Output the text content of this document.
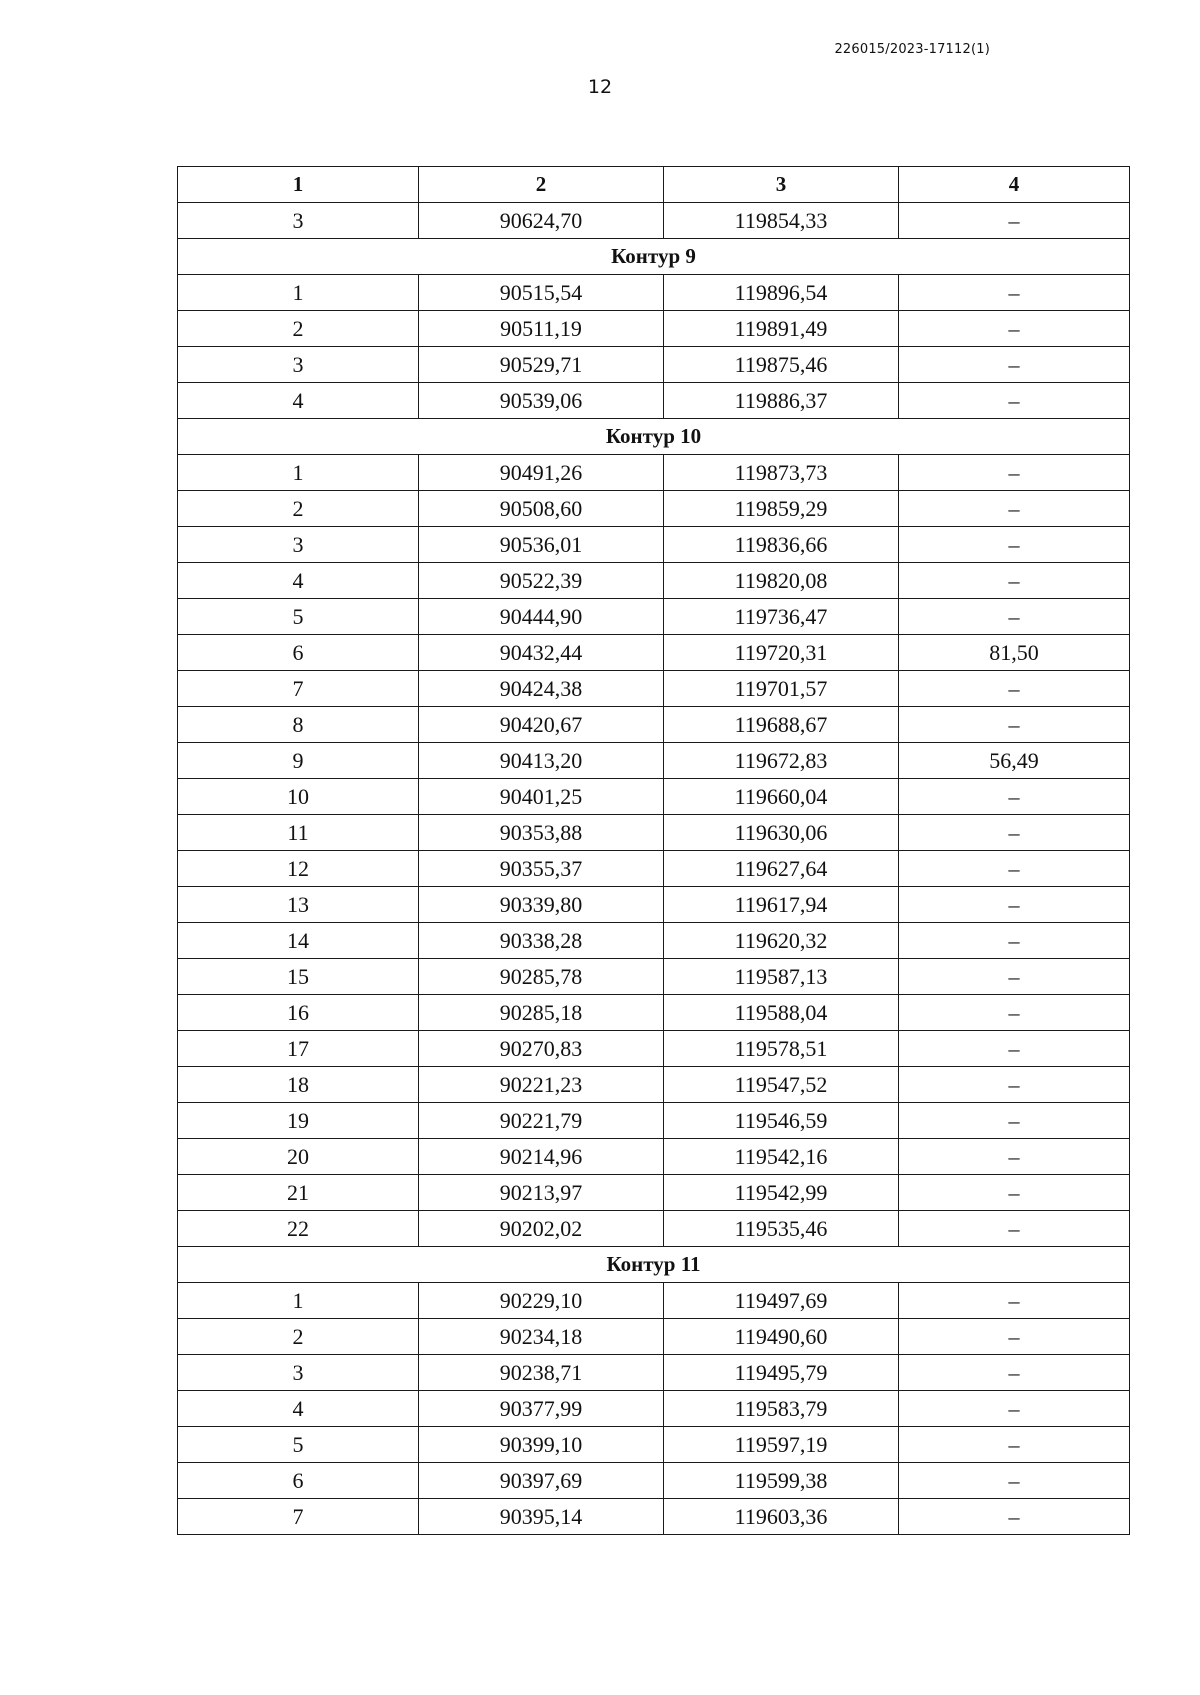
226015/2023-17112(1)
12
1	2	3	4
3	90624,70	119854,33	–
Контур 9			
1	90515,54	119896,54	–
2	90511,19	119891,49	–
3	90529,71	119875,46	–
4	90539,06	119886,37	–
Контур 10			
1	90491,26	119873,73	–
2	90508,60	119859,29	–
3	90536,01	119836,66	–
4	90522,39	119820,08	–
5	90444,90	119736,47	–
6	90432,44	119720,31	81,50
7	90424,38	119701,57	–
8	90420,67	119688,67	–
9	90413,20	119672,83	56,49
10	90401,25	119660,04	–
11	90353,88	119630,06	–
12	90355,37	119627,64	–
13	90339,80	119617,94	–
14	90338,28	119620,32	–
15	90285,78	119587,13	–
16	90285,18	119588,04	–
17	90270,83	119578,51	–
18	90221,23	119547,52	–
19	90221,79	119546,59	–
20	90214,96	119542,16	–
21	90213,97	119542,99	–
22	90202,02	119535,46	–
Контур 11			
1	90229,10	119497,69	–
2	90234,18	119490,60	–
3	90238,71	119495,79	–
4	90377,99	119583,79	–
5	90399,10	119597,19	–
6	90397,69	119599,38	–
7	90395,14	119603,36	–
